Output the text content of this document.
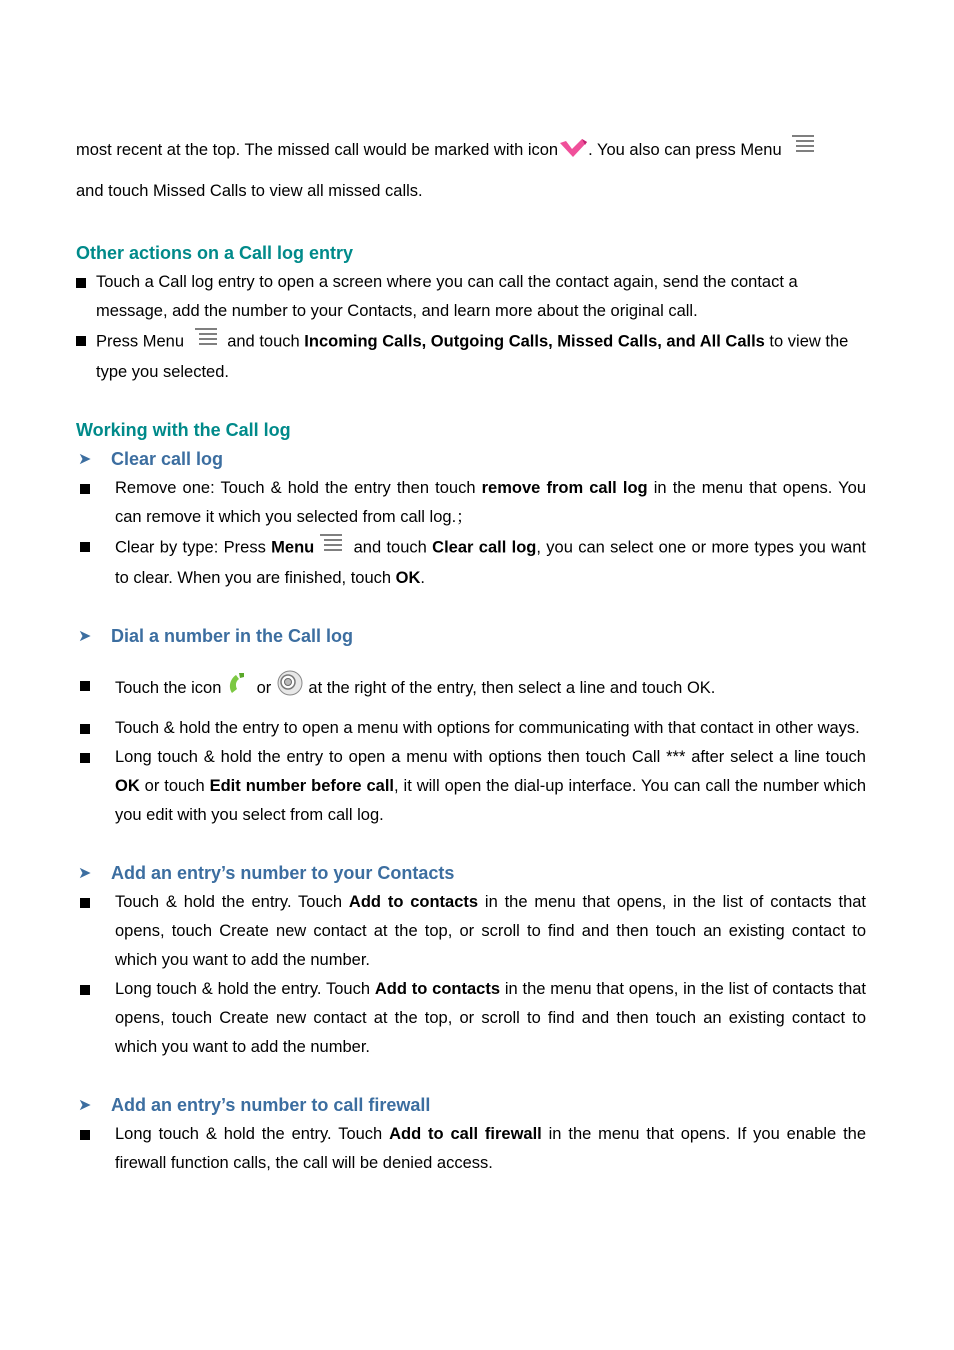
most recent at the top. The missed call would be marked with icon . You also can press Menu
and touch Missed Calls to view all missed calls.
Other actions on a Call log entry
Touch a Call log entry to open a screen where you can call the contact again, send the contact a message, add the number to your Contacts, and learn more about the original call.
Press Menu  and touch Incoming Calls, Outgoing Calls, Missed Calls, and All Calls to view the type you selected.
Working with the Call log
➤ Clear call log
Remove one: Touch & hold the entry then touch remove from call log in the menu that opens. You can remove it which you selected from call log.；
Clear by type: Press Menu and touch Clear call log, you can select one or more types you want to clear. When you are finished, touch OK.
➤ Dial a number in the Call log
Touch the icon  or  at the right of the entry, then select a line and touch OK.
Touch & hold the entry to open a menu with options for communicating with that contact in other ways.
Long touch & hold the entry to open a menu with options then touch Call *** after select a line touch OK or touch Edit number before call, it will open the dial-up interface. You can call the number which you edit with you select from call log.
➤ Add an entry’s number to your Contacts
Touch & hold the entry. Touch Add to contacts in the menu that opens, in the list of contacts that opens, touch Create new contact at the top, or scroll to find and then touch an existing contact to which you want to add the number.
Long touch & hold the entry. Touch Add to contacts in the menu that opens, in the list of contacts that opens, touch Create new contact at the top, or scroll to find and then touch an existing contact to which you want to add the number.
➤ Add an entry’s number to call firewall
Long touch & hold the entry. Touch Add to call firewall in the menu that opens. If you enable the firewall function calls, the call will be denied access.
